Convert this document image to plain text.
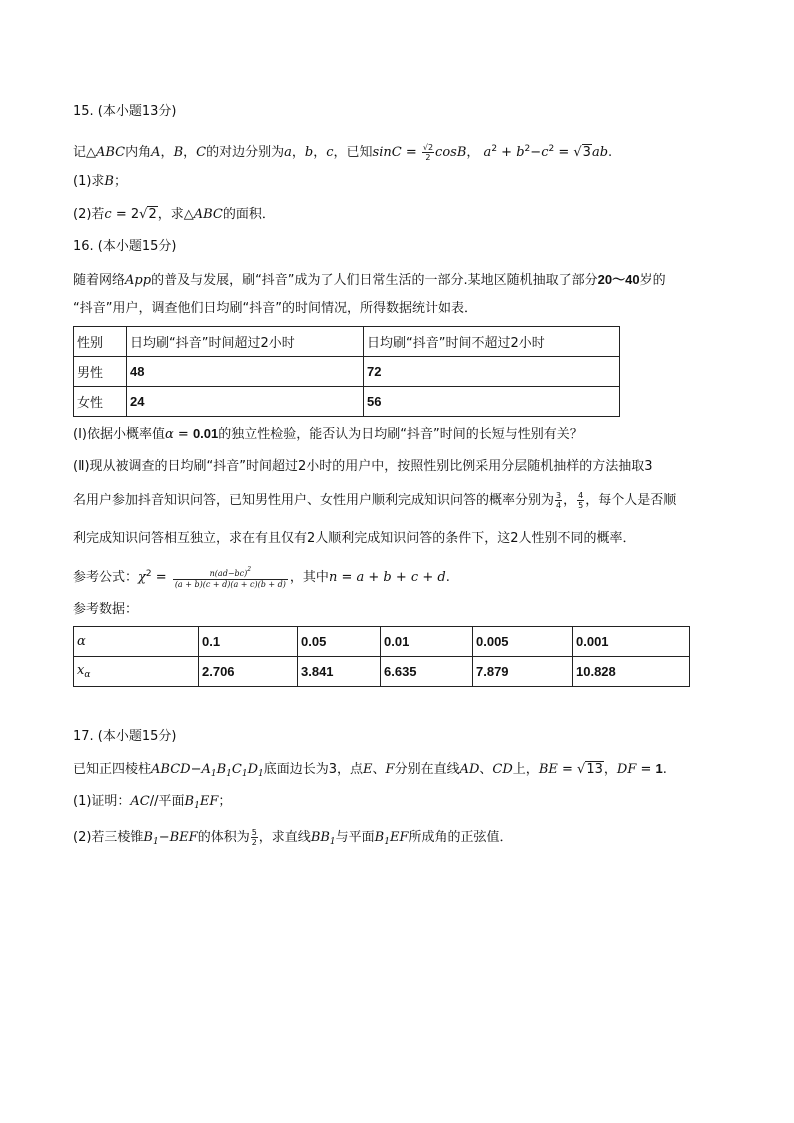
15. (本小题13分)
记△ABC内角A，B，C的对边分别为a，b，c，已知$\sin C = \frac{√2}{2}$ cosB， $a^2 + b^2-c^2 = √3ab$.
(1)求B；
(2)若c = 2√2，求△ABC的面积．
16. (本小题15分)
随着网络App的普及与发展，刷“抖音”成为了人们日常生活的一部分.某地区随机抽取了部分20～40岁的
“抖音”用户，调查他们日均刷“抖音”的时间情况，所得数据统计如表．
性别	日均刷“抖音”时间超过2小时	日均刷“抖音”时间不超过2小时
男性	48	72
女性	24	56
(Ⅰ)依据小概率值α = 0.01的独立性检验，能否认为日均刷“抖音”时间的长短与性别有关？
(Ⅱ)现从被调查的日均刷“抖音”时间超过2小时的用户中，按照性别比例采用分层随机抽样的方法抽取3
名用户参加抖音知识问答，已知男性用户、女性用户顺利完成知识问答的概率分别为 $\frac{3}{4}$ ， $\frac{4}{5}$ ，每个人是否顺
利完成知识问答相互独立，求在有且仅有2人顺利完成知识问答的条件下，这2人性别不同的概率．
参考公式：$\chi^2 = \frac{n(ad-bc)^2}{(a + b)(c + d)(a + c)(b + d)}$ ，其中n = a + b + c + d.
参考数据：
α	0.1	0.05	0.01	0.005	0.001
$x_\alpha$	2.706	3.841	6.635	7.879	10.828
17. (本小题15分)
已知正四棱柱$ABCD-A_1B_1C_1D_1$底面边长为3，点E、F分别在直线AD、CD上，BE = √13，DF = 1.
(1)证明：AC//平面$B_1EF$；
(2)若三棱锥$B_1-BEF$的体积为 $\frac{5}{2}$ ，求直线$BB_1$与平面$B_1EF$所成角的正弦值．
